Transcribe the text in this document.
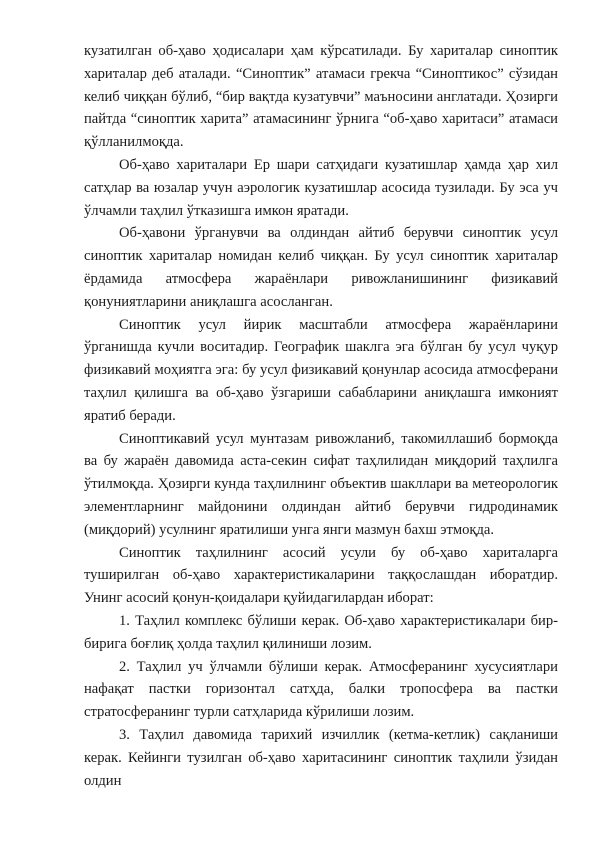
кузатилган об-ҳаво ҳодисалари ҳам кўрсатилади. Бу хариталар синоптик хариталар деб аталади. “Синоптик” атамаси грекча “Синоптикос” сўзидан келиб чиққан бўлиб, “бир вақтда кузатувчи” маъносини англатади. Ҳозирги пайтда “синоптик харита” атамасининг ўрнига “об-ҳаво харитаси” атамаси қўлланилмоқда.

Об-ҳаво хариталари Ер шари сатҳидаги кузатишлар ҳамда ҳар хил сатҳлар ва юзалар учун аэрологик кузатишлар асосида тузилади. Бу эса уч ўлчамли таҳлил ўтказишга имкон яратади.

Об-ҳавони ўрганувчи ва олдиндан айтиб берувчи синоптик усул синоптик хариталар номидан келиб чиққан. Бу усул синоптик хариталар ёрдамида атмосфера жараёнлари ривожланишининг физикавий қонуниятларини аниқлашга асосланган.

Синоптик усул йирик масштабли атмосфера жараёнларини ўрганишда кучли воситадир. Географик шаклга эга бўлган бу усул чуқур физикавий моҳиятга эга: бу усул физикавий қонунлар асосида атмосферани таҳлил қилишга ва об-ҳаво ўзгариши сабабларини аниқлашга имконият яратиб беради.

Синоптикавий усул мунтазам ривожланиб, такомиллашиб бормоқда ва бу жараён давомида аста-секин сифат таҳлилидан миқдорий таҳлилга ўтилмоқда. Ҳозирги кунда таҳлилнинг объектив шакллари ва метеорологик элементларнинг майдонини олдиндан айтиб берувчи гидродинамик (миқдорий) усулнинг яратилиши унга янги мазмун бахш этмоқда.

Синоптик таҳлилнинг асосий усули бу об-ҳаво хариталарга туширилган об-ҳаво характеристикаларини таққослашдан иборатдир. Унинг асосий қонун-қоидалари қуйидагилардан иборат:

1. Таҳлил комплекс бўлиши керак. Об-ҳаво характеристикалари бир-бирига боғлиқ ҳолда таҳлил қилиниши лозим.

2. Таҳлил уч ўлчамли бўлиши керак. Атмосферанинг хусусиятлари нафақат пастки горизонтал сатҳда, балки тропосфера ва пастки стратосферанинг турли сатҳларида кўрилиши лозим.

3. Таҳлил давомида тарихий изчиллик (кетма-кетлик) сақланиши керак. Кейинги тузилган об-ҳаво харитасининг синоптик таҳлили ўзидан олдин
